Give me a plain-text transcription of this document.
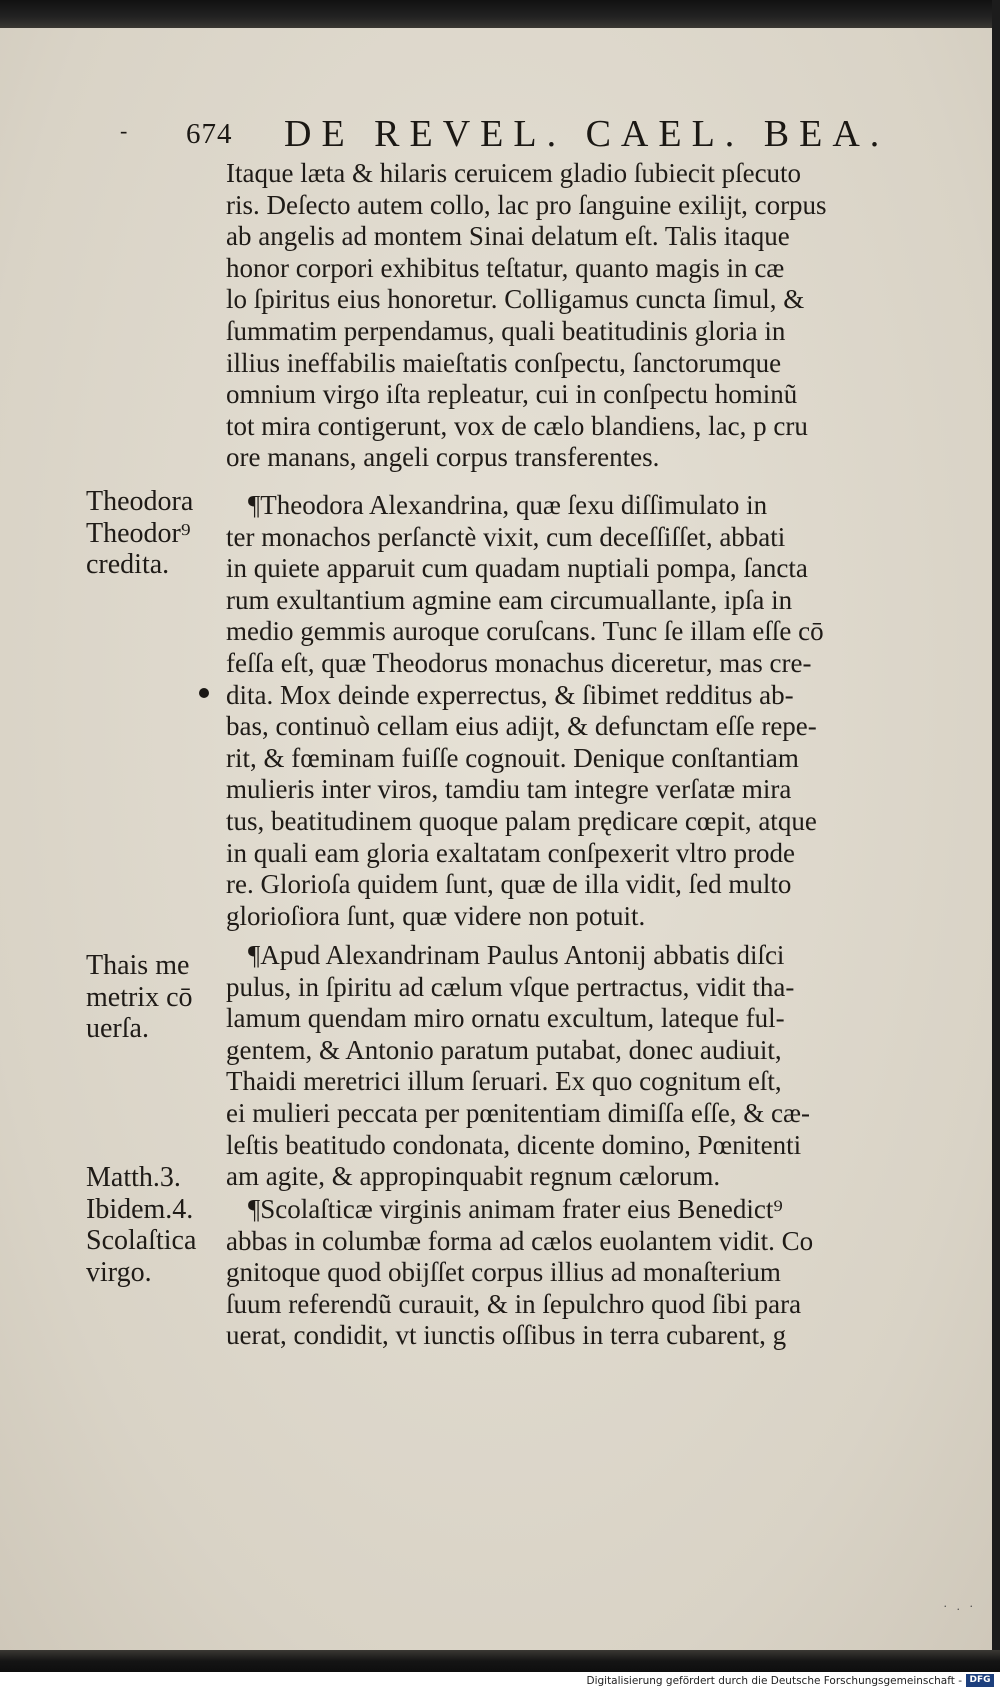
- 674 DE REVEL. CAEL. BEA.
Itaque læta & hilaris ceruicem gladio ſubiecit pſecuto
ris. Deſecto autem collo, lac pro ſanguine exilijt, corpus
ab angelis ad montem Sinai delatum eſt. Talis itaque
honor corpori exhibitus teſtatur, quanto magis in cæ
lo ſpiritus eius honoretur. Colligamus cuncta ſimul, &
ſummatim perpendamus, quali beatitudinis gloria in
illius ineffabilis maieſtatis conſpectu, ſanctorumque
omnium virgo iſta repleatur, cui in conſpectu hominũ
tot mira contigerunt, vox de cælo blandiens, lac, p cru
ore manans, angeli corpus transferentes.
¶Theodora Alexandrina, quæ ſexu diſſimulato in
ter monachos perſanctè vixit, cum deceſſiſſet, abbati
in quiete apparuit cum quadam nuptiali pompa, ſancta
rum exultantium agmine eam circumuallante, ipſa in
medio gemmis auroque coruſcans. Tunc ſe illam eſſe cō
feſſa eſt, quæ Theodorus monachus diceretur, mas cre-
dita. Mox deinde experrectus, & ſibimet redditus ab-
bas, continuò cellam eius adijt, & defunctam eſſe repe-
rit, & fœminam fuiſſe cognouit. Denique conſtantiam
mulieris inter viros, tamdiu tam integre verſatæ mira
tus, beatitudinem quoque palam prędicare cœpit, atque
in quali eam gloria exaltatam conſpexerit vltro prode
re. Glorioſa quidem ſunt, quæ de illa vidit, ſed multo
glorioſiora ſunt, quæ videre non potuit.
¶Apud Alexandrinam Paulus Antonij abbatis diſci
pulus, in ſpiritu ad cælum vſque pertractus, vidit tha-
lamum quendam miro ornatu excultum, lateque ful-
gentem, & Antonio paratum putabat, donec audiuit,
Thaidi meretrici illum ſeruari. Ex quo cognitum eſt,
ei mulieri peccata per pœnitentiam dimiſſa eſſe, & cæ-
leſtis beatitudo condonata, dicente domino, Pœnitenti
am agite, & appropinquabit regnum cælorum.
¶Scolaſticæ virginis animam frater eius Benedict⁹
abbas in columbæ forma ad cælos euolantem vidit. Co
gnitoque quod obijſſet corpus illius ad monaſterium
ſuum referendũ curauit, & in ſepulchro quod ſibi para
uerat, condidit, vt iunctis oſſibus in terra cubarent, g
Theodora
Theodor⁹
credita.
Thais me
metrix cō
uerſa.
Matth.3.
Ibidem.4.
Scolaſtica
virgo.
· . ·
Digitalisierung gefördert durch die Deutsche Forschungsgemeinschaft - DFG
